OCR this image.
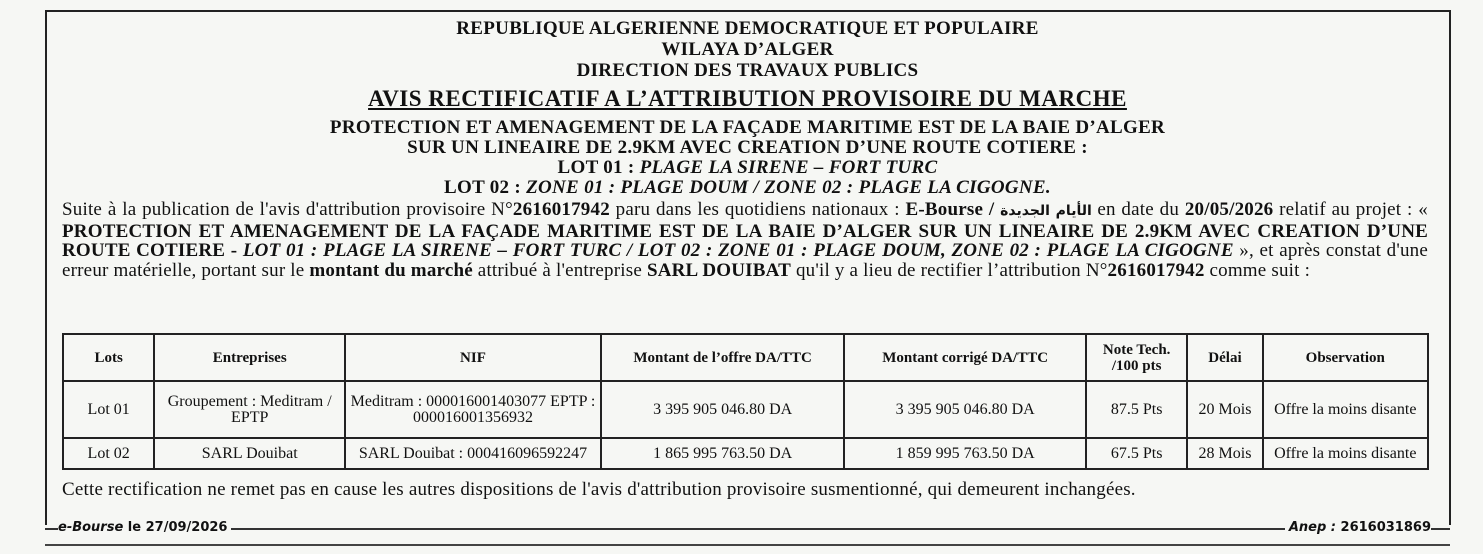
REPUBLIQUE ALGERIENNE DEMOCRATIQUE ET POPULAIRE
WILAYA D’ALGER
DIRECTION DES TRAVAUX PUBLICS
AVIS RECTIFICATIF A L’ATTRIBUTION PROVISOIRE DU MARCHE
PROTECTION ET AMENAGEMENT DE LA FAÇADE MARITIME EST DE LA BAIE D’ALGER
SUR UN LINEAIRE DE 2.9KM AVEC CREATION D’UNE ROUTE COTIERE :
LOT 01 : PLAGE LA SIRENE – FORT TURC
LOT 02 : ZONE 01 : PLAGE DOUM / ZONE 02 : PLAGE LA CIGOGNE.
Suite à la publication de l'avis d'attribution provisoire N°2616017942 paru dans les quotidiens nationaux : E-Bourse / الأيام الجديدة en date du 20/05/2026 relatif au projet : « PROTECTION ET AMENAGEMENT DE LA FAÇADE MARITIME EST DE LA BAIE D’ALGER SUR UN LINEAIRE DE 2.9KM AVEC CREATION D’UNE ROUTE COTIERE - LOT 01 : PLAGE LA SIRENE – FORT TURC / LOT 02 : ZONE 01 : PLAGE DOUM, ZONE 02 : PLAGE LA CIGOGNE », et après constat d'une erreur matérielle, portant sur le montant du marché attribué à l'entreprise SARL DOUIBAT qu'il y a lieu de rectifier l’attribution N°2616017942 comme suit :
Lots	Entreprises	NIF	Montant de l’offre DA/TTC	Montant corrigé DA/TTC	Note Tech. /100 pts	Délai	Observation
Lot 01	Groupement : Meditram / EPTP	Meditram : 000016001403077 EPTP : 000016001356932	3 395 905 046.80 DA	3 395 905 046.80 DA	87.5 Pts	20 Mois	Offre la moins disante
Lot 02	SARL Douibat	SARL Douibat : 000416096592247	1 865 995 763.50 DA	1 859 995 763.50 DA	67.5 Pts	28 Mois	Offre la moins disante
Cette rectification ne remet pas en cause les autres dispositions de l'avis d'attribution provisoire susmentionné, qui demeurent inchangées.
e-Bourse le 27/09/2026	Anep : 2616031869
